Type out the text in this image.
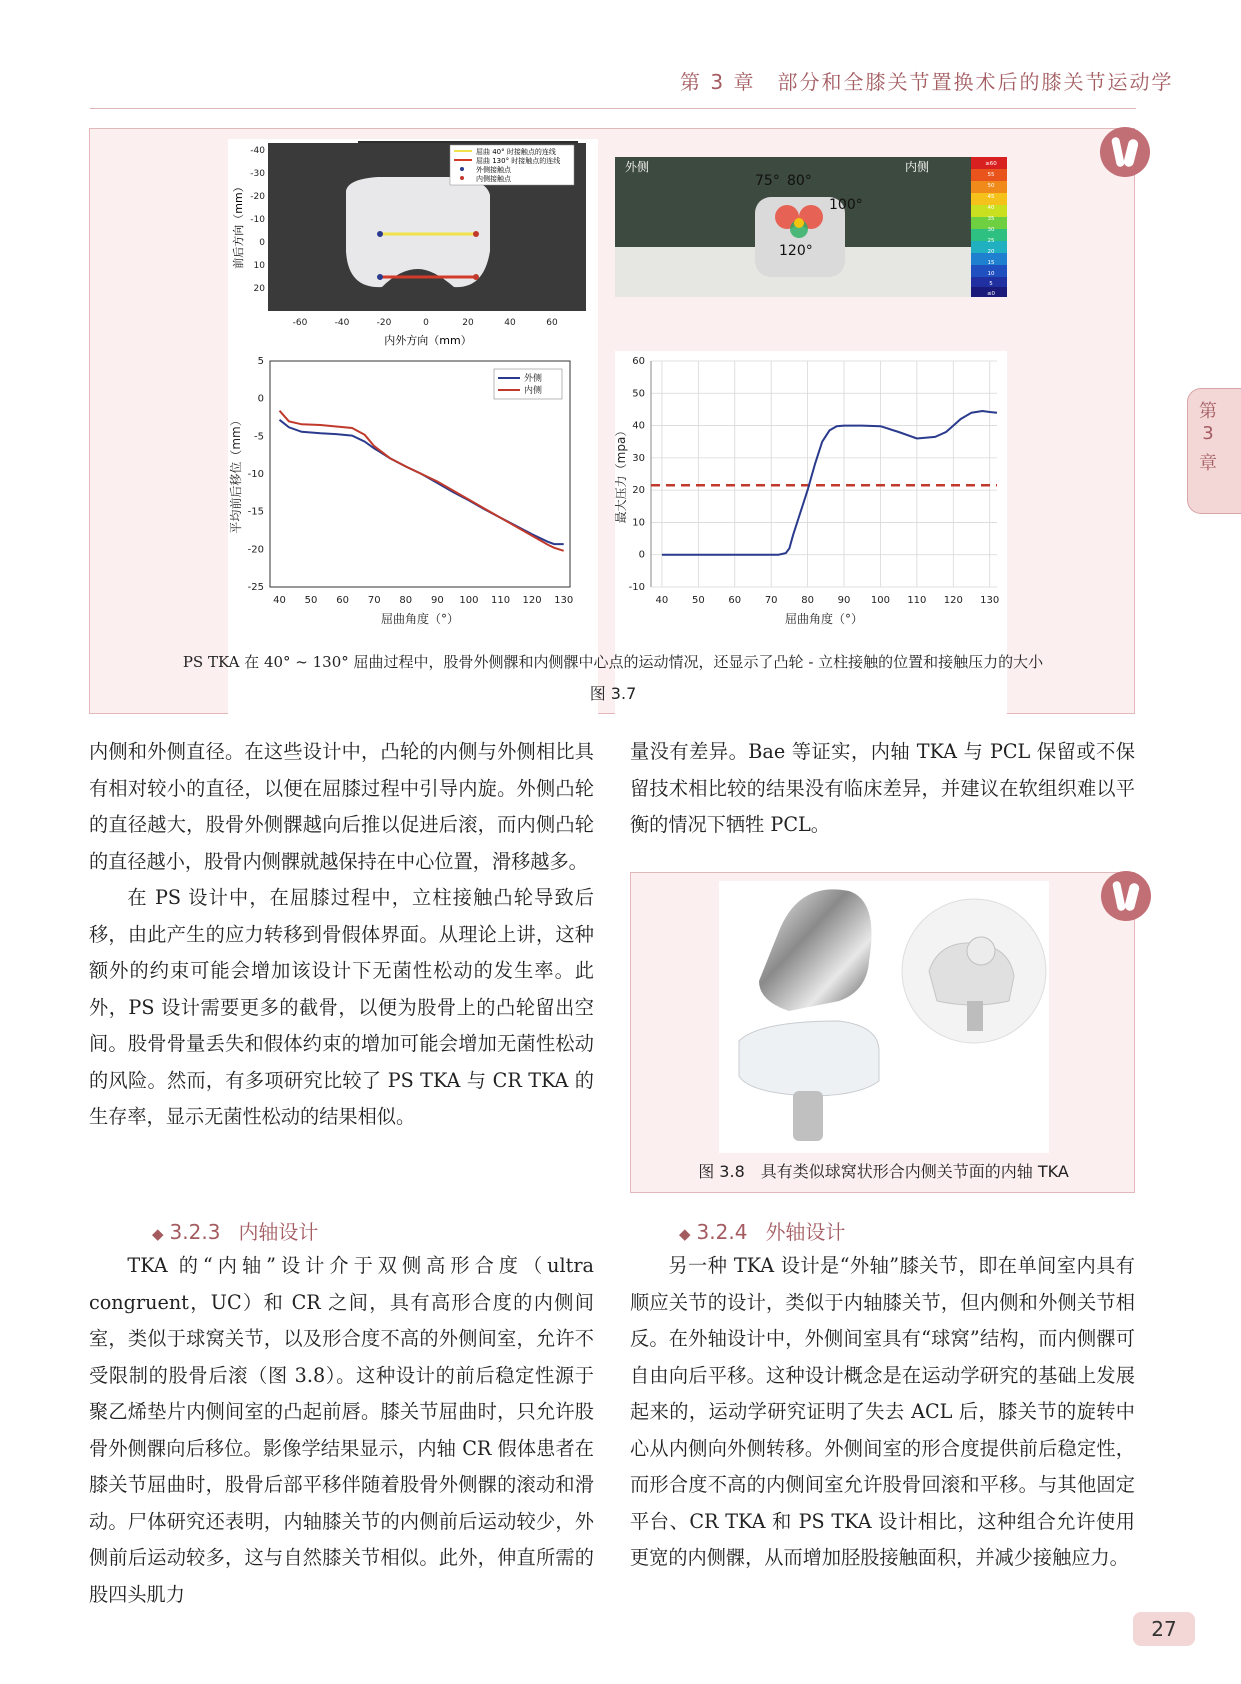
第 3 章　部分和全膝关节置换术后的膝关节运动学
第
3
章
屈曲 40° 时接触点的连线
屈曲 130° 时接触点的连线
外侧接触点
内侧接触点
-40
-30
-20
-10
0
10
20
-60	-40	-20	0	20	40	60
内外方向（mm）
前后方向（mm）
75° 80°
100°
120°
外侧	内侧	≥60
55
50
45
40
35
30
25
20
15
10
5
≤0
40 50 60 70 80 90 100 110 120 130
5
0
-5
-10
-15
-20
-25
屈曲角度（°）
平均前后移位（mm）
外侧
内侧
40 50 60 70 80 90 100 110 120 130
60
50
40
30
20
10
0
-10
屈曲角度（°）
最大压力（mpa）
PS TKA 在 40° ~ 130° 屈曲过程中，股骨外侧髁和内侧髁中心点的运动情况，还显示了凸轮 - 立柱接触的位置和接触压力的大小
图 3.7

内侧和外侧直径。在这些设计中，凸轮的内侧与外侧相比具有相对较小的直径，以便在屈膝过程中引导内旋。外侧凸轮的直径越大，股骨外侧髁越向后推以促进后滚，而内侧凸轮的直径越小，股骨内侧髁就越保持在中心位置，滑移越多。

在 PS 设计中，在屈膝过程中，立柱接触凸轮导致后移，由此产生的应力转移到骨假体界面。从理论上讲，这种额外的约束可能会增加该设计下无菌性松动的发生率。此外，PS 设计需要更多的截骨，以便为股骨上的凸轮留出空间。股骨骨量丢失和假体约束的增加可能会增加无菌性松动的风险。然而，有多项研究比较了 PS TKA 与 CR TKA 的生存率，显示无菌性松动的结果相似。

◆ 3.2.3 内轴设计

TKA 的“内轴”设计介于双侧高形合度（ultra congruent，UC）和 CR 之间，具有高形合度的内侧间室，类似于球窝关节，以及形合度不高的外侧间室，允许不受限制的股骨后滚（图 3.8）。这种设计的前后稳定性源于聚乙烯垫片内侧间室的凸起前唇。膝关节屈曲时，只允许股骨外侧髁向后移位。影像学结果显示，内轴 CR 假体患者在膝关节屈曲时，股骨后部平移伴随着股骨外侧髁的滚动和滑动。尸体研究还表明，内轴膝关节的内侧前后运动较少，外侧前后运动较多，这与自然膝关节相似。此外，伸直所需的股四头肌力

量没有差异。Bae 等证实，内轴 TKA 与 PCL 保留或不保留技术相比较的结果没有临床差异，并建议在软组织难以平衡的情况下牺牲 PCL。

图 3.8　具有类似球窝状形合内侧关节面的内轴 TKA
◆ 3.2.4 外轴设计

另一种 TKA 设计是“外轴”膝关节，即在单间室内具有顺应关节的设计，类似于内轴膝关节，但内侧和外侧关节相反。在外轴设计中，外侧间室具有“球窝”结构，而内侧髁可自由向后平移。这种设计概念是在运动学研究的基础上发展起来的，运动学研究证明了失去 ACL 后，膝关节的旋转中心从内侧向外侧转移。外侧间室的形合度提供前后稳定性，而形合度不高的内侧间室允许股骨回滚和平移。与其他固定平台、CR TKA 和 PS TKA 设计相比，这种组合允许使用更宽的内侧髁，从而增加胫股接触面积，并减少接触应力。

27
